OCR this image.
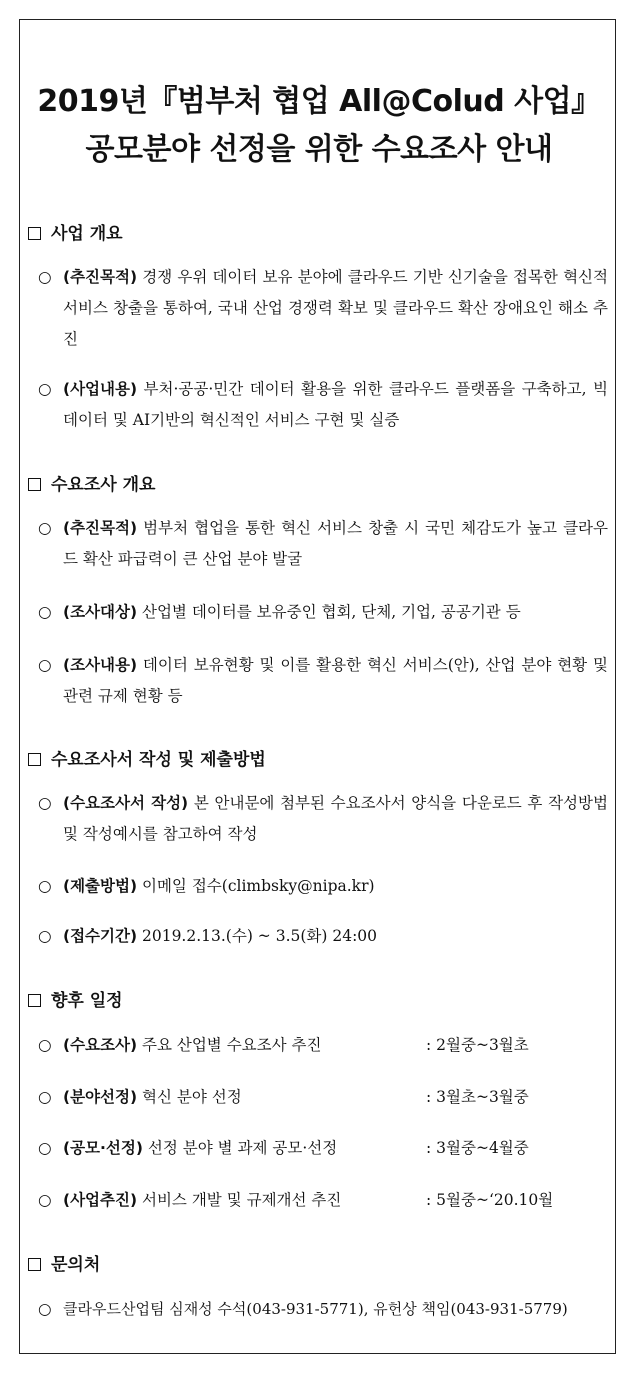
2019년『범부처 협업 All@Colud 사업』
공모분야 선정을 위한 수요조사 안내
사업 개요
○ (추진목적) 경쟁 우위 데이터 보유 분야에 클라우드 기반 신기술을 접목한 혁신적 서비스 창출을 통하여, 국내 산업 경쟁력 확보 및 클라우드 확산 장애요인 해소 추진
○ (사업내용) 부처·공공·민간 데이터 활용을 위한 클라우드 플랫폼을 구축하고, 빅데이터 및 AI기반의 혁신적인 서비스 구현 및 실증
수요조사 개요
○ (추진목적) 범부처 협업을 통한 혁신 서비스 창출 시 국민 체감도가 높고 클라우드 확산 파급력이 큰 산업 분야 발굴
○ (조사대상) 산업별 데이터를 보유중인 협회, 단체, 기업, 공공기관 등
○ (조사내용) 데이터 보유현황 및 이를 활용한 혁신 서비스(안), 산업 분야 현황 및 관련 규제 현황 등
수요조사서 작성 및 제출방법
○ (수요조사서 작성) 본 안내문에 첨부된 수요조사서 양식을 다운로드 후 작성방법 및 작성예시를 참고하여 작성
○ (제출방법) 이메일 접수(climbsky@nipa.kr)
○ (접수기간) 2019.2.13.(수) ~ 3.5(화) 24:00
향후 일정
○ (수요조사) 주요 산업별 수요조사 추진	: 2월중~3월초
○ (분야선정) 혁신 분야 선정	: 3월초~3월중
○ (공모·선정) 선정 분야 별 과제 공모·선정	: 3월중~4월중
○ (사업추진) 서비스 개발 및 규제개선 추진	: 5월중~‘20.10월
문의처
○ 클라우드산업팀 심재성 수석(043-931-5771), 유헌상 책임(043-931-5779)
